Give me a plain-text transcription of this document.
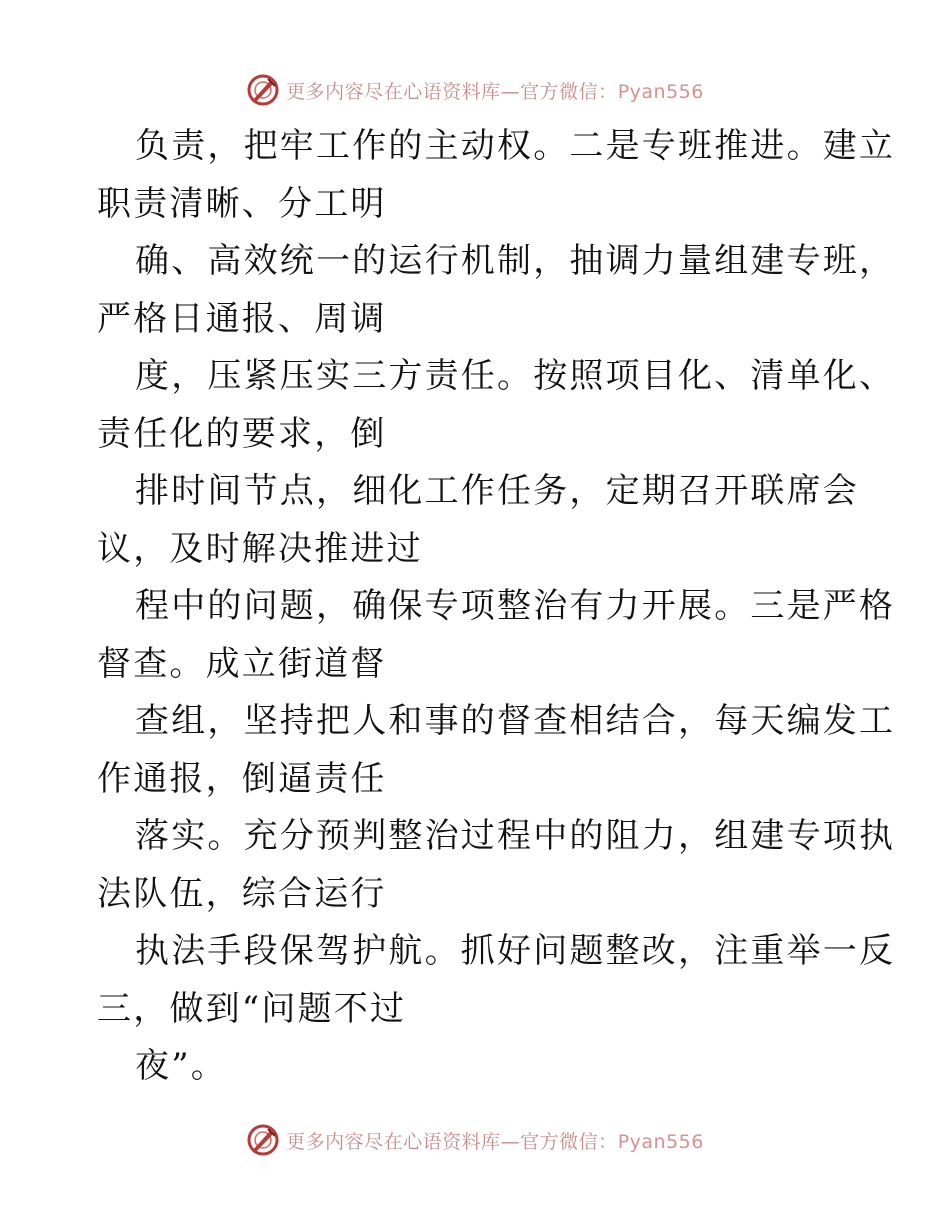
更多内容尽在心语资料库—官方微信：Pyan556
负责，把牢工作的主动权。二是专班推进。建立
职责清晰、分工明
确、高效统一的运行机制，抽调力量组建专班，
严格日通报、周调
度，压紧压实三方责任。按照项目化、清单化、
责任化的要求，倒
排时间节点，细化工作任务，定期召开联席会
议，及时解决推进过
程中的问题，确保专项整治有力开展。三是严格
督查。成立街道督
查组，坚持把人和事的督查相结合，每天编发工
作通报，倒逼责任
落实。充分预判整治过程中的阻力，组建专项执
法队伍，综合运行
执法手段保驾护航。抓好问题整改，注重举一反
三，做到“问题不过
夜”。
更多内容尽在心语资料库—官方微信：Pyan556
